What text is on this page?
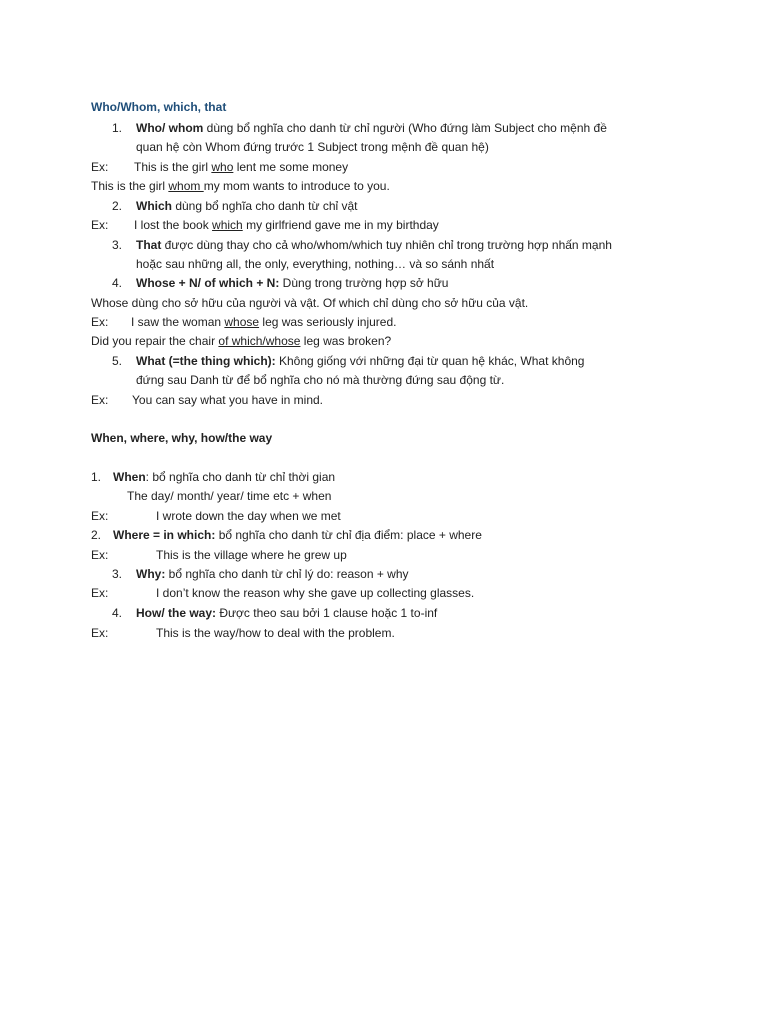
Who/Whom, which, that
1. Who/ whom dùng bổ nghĩa cho danh từ chỉ người (Who đứng làm Subject cho mệnh đề
quan hệ còn Whom đứng trước 1 Subject trong mệnh đề quan hệ)
Ex: This is the girl who lent me some money
This is the girl whom my mom wants to introduce to you.
2. Which dùng bổ nghĩa cho danh từ chỉ vật
Ex: I lost the book which my girlfriend gave me in my birthday
3. That được dùng thay cho cả who/whom/which tuy nhiên chỉ trong trường hợp nhấn mạnh
hoặc sau những all, the only, everything, nothing… và so sánh nhất
4. Whose + N/ of which + N: Dùng trong trường hợp sở hữu
Whose dùng cho sở hữu của người và vật. Of which chỉ dùng cho sở hữu của vật.
Ex: I saw the woman whose leg was seriously injured.
Did you repair the chair of which/whose leg was broken?
5. What (=the thing which): Không giống với những đại từ quan hệ khác, What không
đứng sau Danh từ để bổ nghĩa cho nó mà thường đứng sau động từ.
Ex: You can say what you have in mind.
When, where, why, how/the way
1. When: bổ nghĩa cho danh từ chỉ thời gian
The day/ month/ year/ time etc + when
Ex:	I wrote down the day when we met
2. Where = in which: bổ nghĩa cho danh từ chỉ địa điểm: place + where
Ex:	This is the village where he grew up
3. Why: bổ nghĩa cho danh từ chỉ lý do: reason + why
Ex:	I don’t know the reason why she gave up collecting glasses.
4. How/ the way: Được theo sau bởi 1 clause hoặc 1 to-inf
Ex:	This is the way/how to deal with the problem.
